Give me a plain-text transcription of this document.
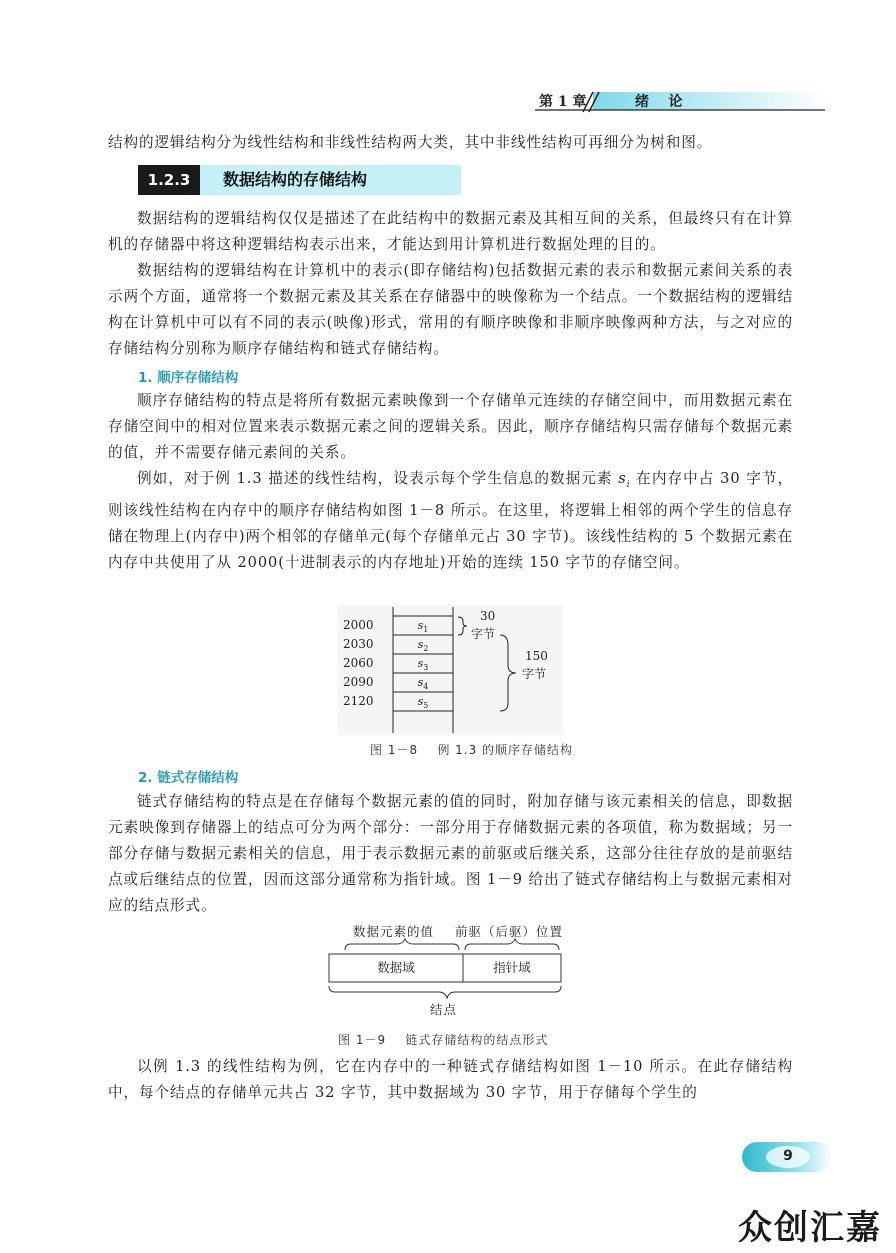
第 1 章	绪    论
结构的逻辑结构分为线性结构和非线性结构两大类，其中非线性结构可再细分为树和图。
1.2.3	数据结构的存储结构
数据结构的逻辑结构仅仅是描述了在此结构中的数据元素及其相互间的关系，但最终只有在计算机的存储器中将这种逻辑结构表示出来，才能达到用计算机进行数据处理的目的。
数据结构的逻辑结构在计算机中的表示(即存储结构)包括数据元素的表示和数据元素间关系的表示两个方面，通常将一个数据元素及其关系在存储器中的映像称为一个结点。一个数据结构的逻辑结构在计算机中可以有不同的表示(映像)形式，常用的有顺序映像和非顺序映像两种方法，与之对应的存储结构分别称为顺序存储结构和链式存储结构。
1. 顺序存储结构
顺序存储结构的特点是将所有数据元素映像到一个存储单元连续的存储空间中，而用数据元素在存储空间中的相对位置来表示数据元素之间的逻辑关系。因此，顺序存储结构只需存储每个数据元素的值，并不需要存储元素间的关系。
例如，对于例 1.3 描述的线性结构，设表示每个学生信息的数据元素 $s_i$ 在内存中占 30 字节，则该线性结构在内存中的顺序存储结构如图 1－8 所示。在这里，将逻辑上相邻的两个学生的信息存储在物理上(内存中)两个相邻的存储单元(每个存储单元占 30 字节)。该线性结构的 5 个数据元素在内存中共使用了从 2000(十进制表示的内存地址)开始的连续 150 字节的存储空间。
2000
2030
2060
2090
2120
$s_1$
$s_2$
$s_3$
$s_4$
$s_5$
30
字节
150
字节
图 1－8    例 1.3 的顺序存储结构
2. 链式存储结构
链式存储结构的特点是在存储每个数据元素的值的同时，附加存储与该元素相关的信息，即数据元素映像到存储器上的结点可分为两个部分：一部分用于存储数据元素的各项值，称为数据域；另一部分存储与数据元素相关的信息，用于表示数据元素的前驱或后继关系，这部分往往存放的是前驱结点或后继结点的位置，因而这部分通常称为指针域。图 1－9 给出了链式存储结构上与数据元素相对应的结点形式。
数据元素的值 前驱（后驱）位置
数据域	指针域
结点
图 1－9    链式存储结构的结点形式
以例 1.3 的线性结构为例，它在内存中的一种链式存储结构如图 1－10 所示。在此存储结构中，每个结点的存储单元共占 32 字节，其中数据域为 30 字节，用于存储每个学生的
9
众创汇嘉
